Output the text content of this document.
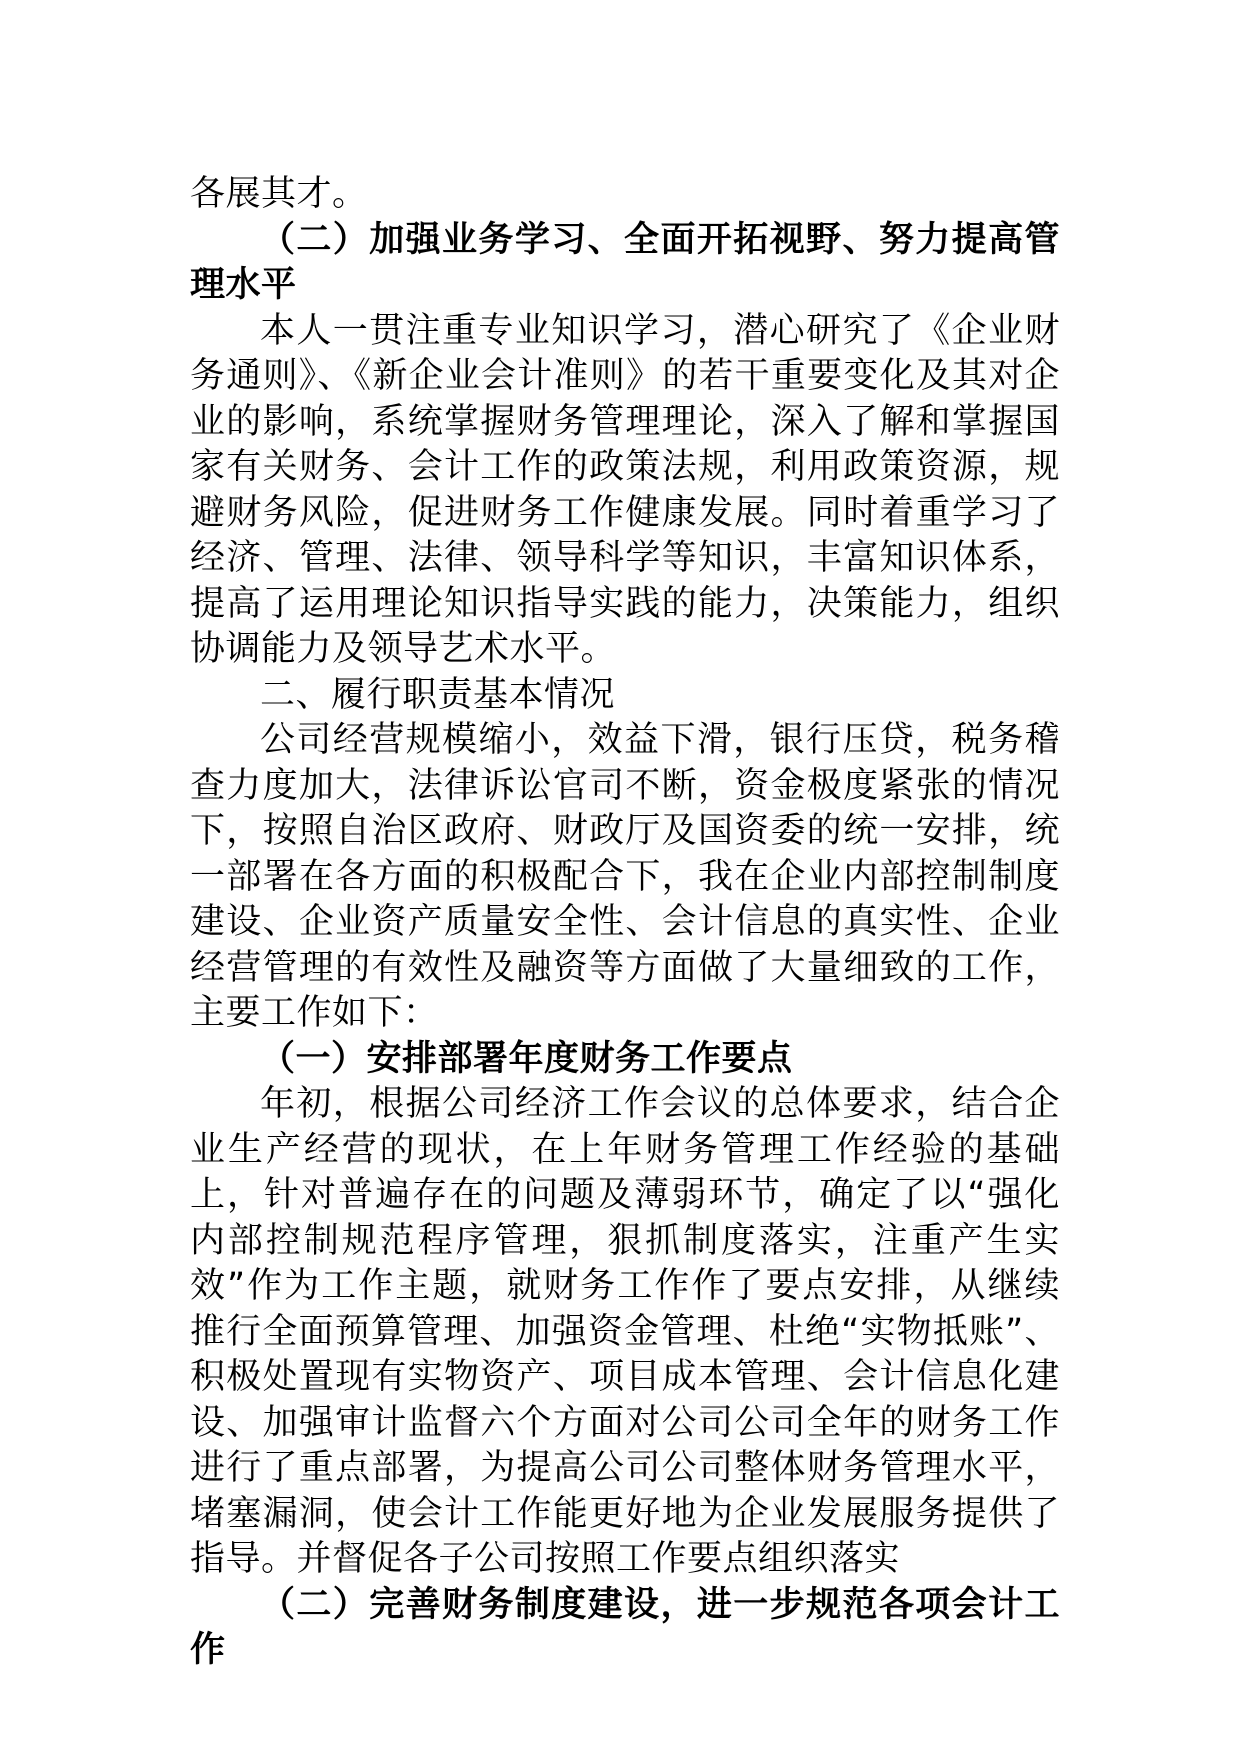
各展其才。

（二）加强业务学习、全面开拓视野、努力提高管理水平

本人一贯注重专业知识学习，潜心研究了《企业财务通则》、《新企业会计准则》的若干重要变化及其对企业的影响，系统掌握财务管理理论，深入了解和掌握国家有关财务、会计工作的政策法规，利用政策资源，规避财务风险，促进财务工作健康发展。同时着重学习了经济、管理、法律、领导科学等知识，丰富知识体系，提高了运用理论知识指导实践的能力，决策能力，组织协调能力及领导艺术水平。

二、履行职责基本情况

公司经营规模缩小，效益下滑，银行压贷，税务稽查力度加大，法律诉讼官司不断，资金极度紧张的情况下，按照自治区政府、财政厅及国资委的统一安排，统一部署在各方面的积极配合下，我在企业内部控制制度建设、企业资产质量安全性、会计信息的真实性、企业经营管理的有效性及融资等方面做了大量细致的工作，主要工作如下：

（一）安排部署年度财务工作要点

年初，根据公司经济工作会议的总体要求，结合企业生产经营的现状，在上年财务管理工作经验的基础上，针对普遍存在的问题及薄弱环节，确定了以“强化内部控制规范程序管理，狠抓制度落实，注重产生实效”作为工作主题，就财务工作作了要点安排，从继续推行全面预算管理、加强资金管理、杜绝“实物抵账”、积极处置现有实物资产、项目成本管理、会计信息化建设、加强审计监督六个方面对公司公司全年的财务工作进行了重点部署，为提高公司公司整体财务管理水平，堵塞漏洞，使会计工作能更好地为企业发展服务提供了指导。并督促各子公司按照工作要点组织落实

（二）完善财务制度建设，进一步规范各项会计工作
